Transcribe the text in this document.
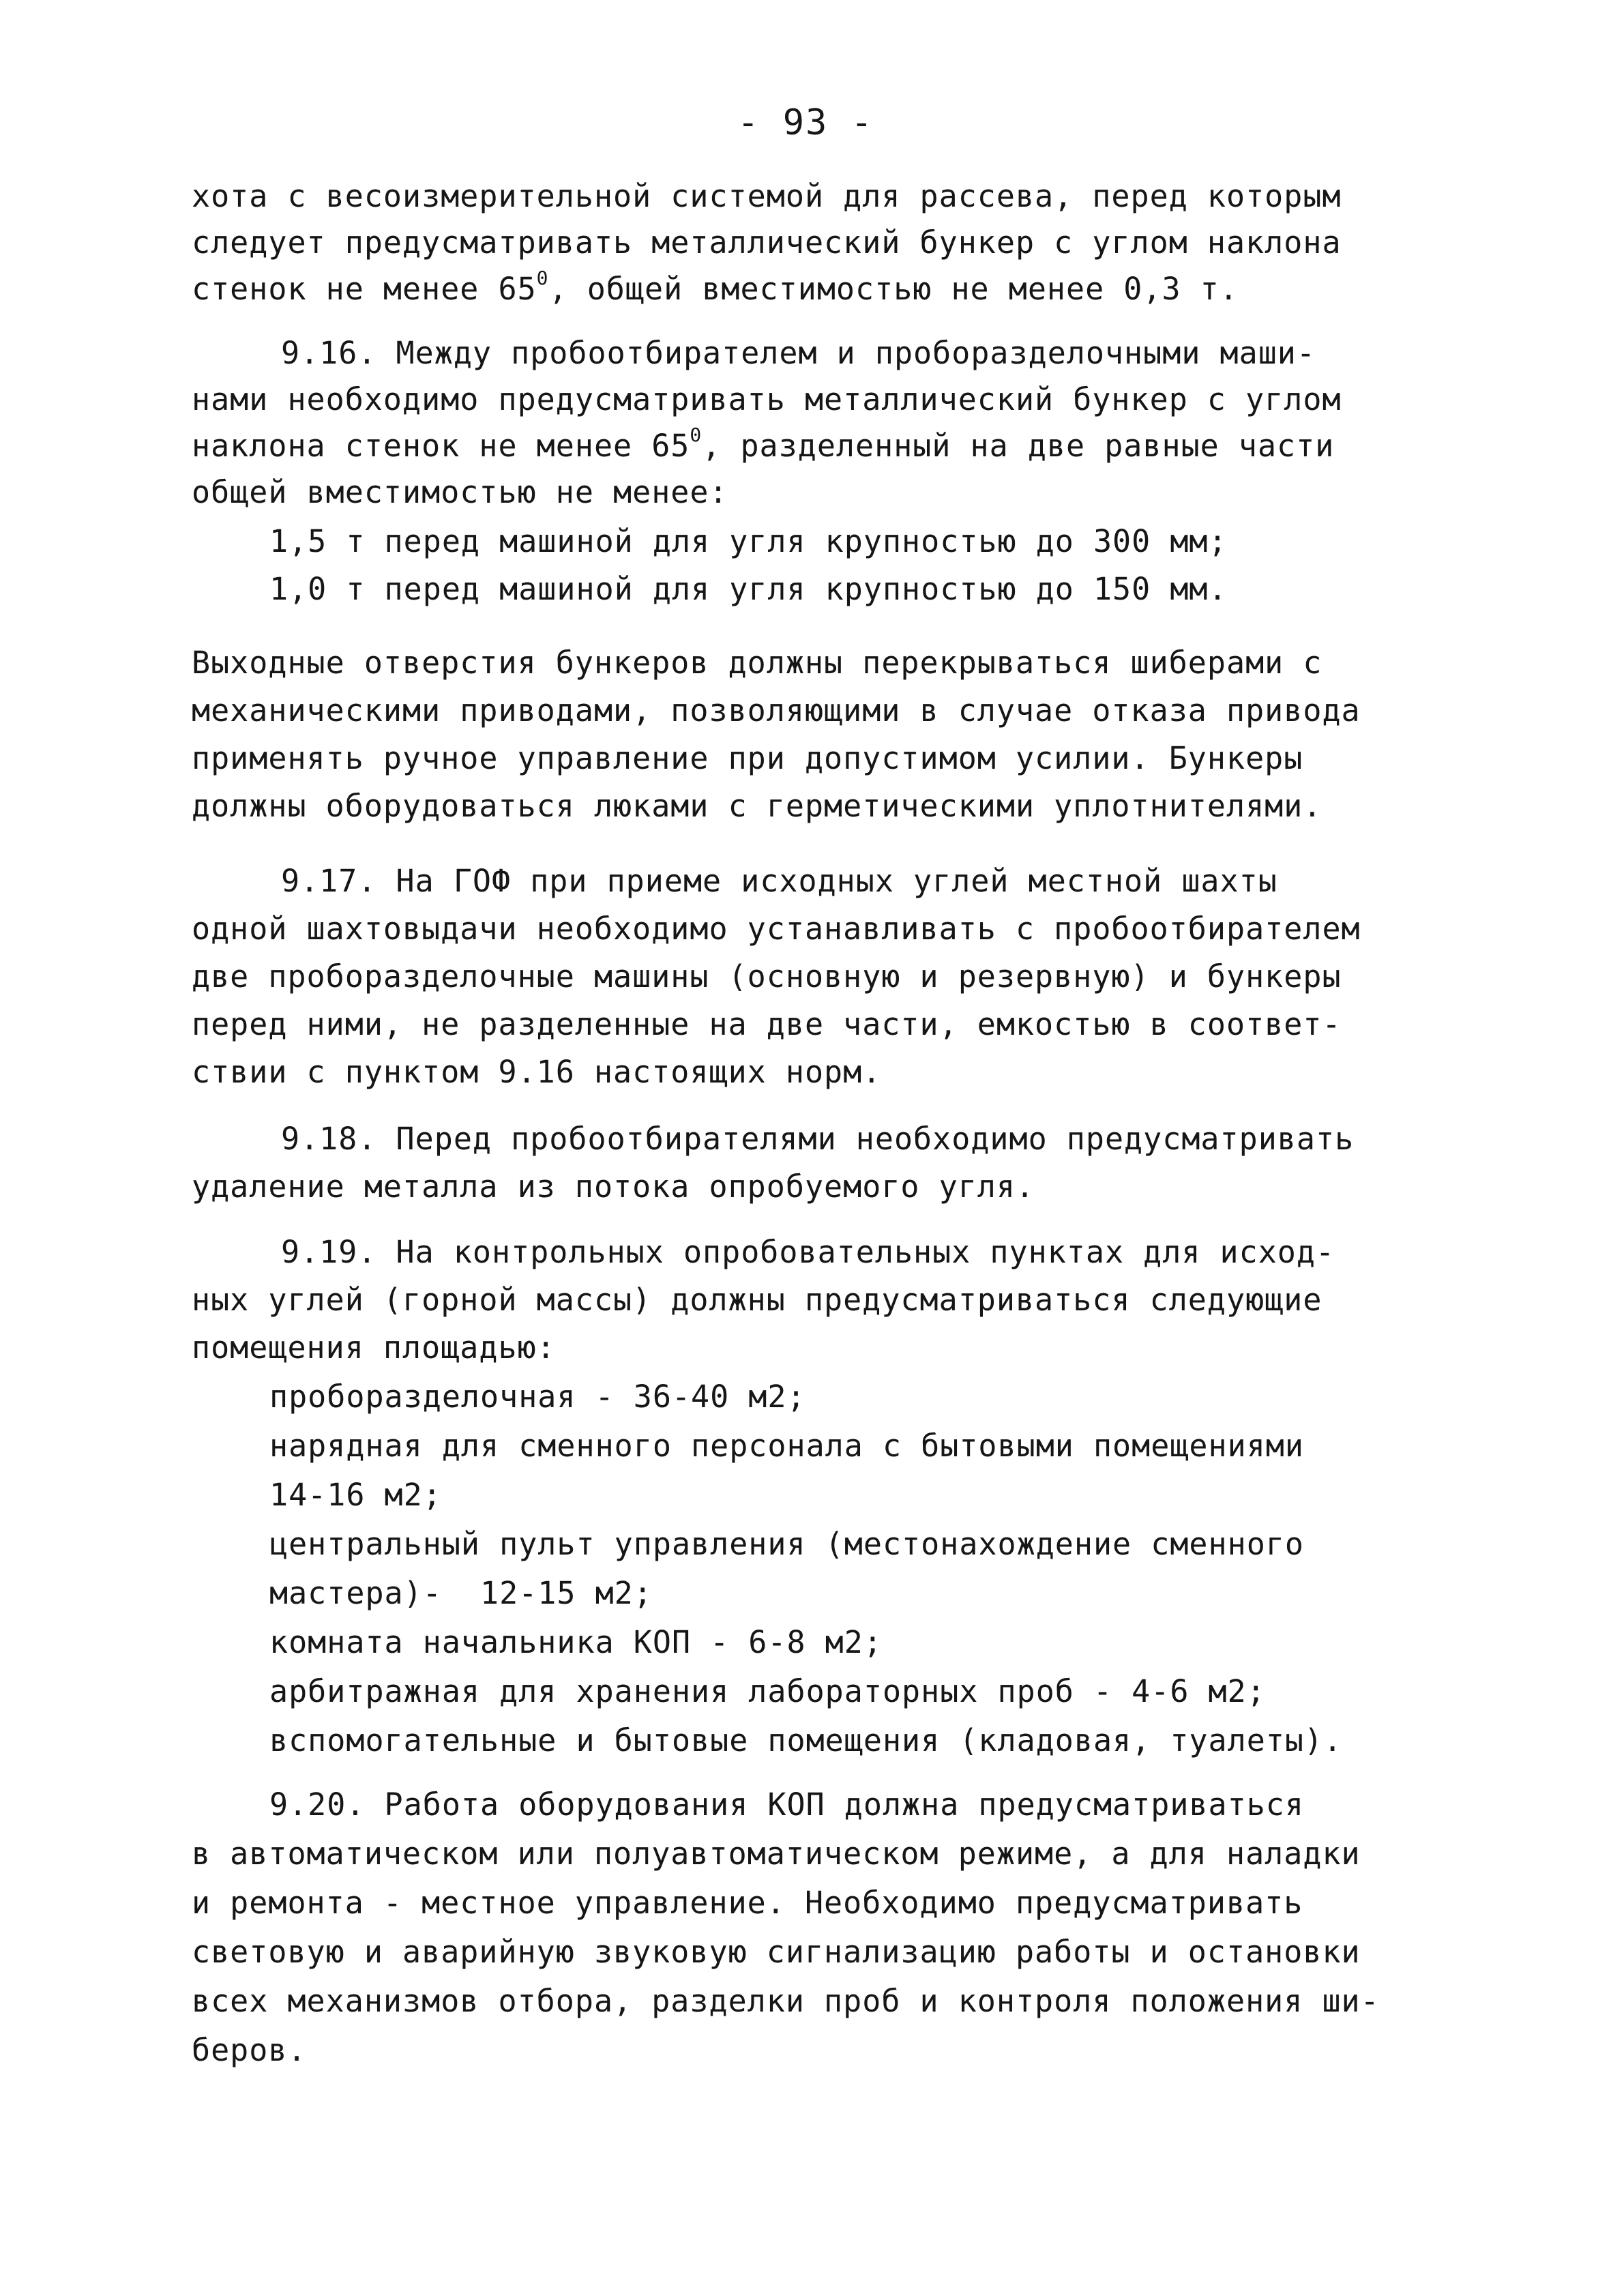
- 93 -
хота с весоизмерительной системой для рассева, перед которым
следует предусматривать металлический бункер с углом наклона
стенок не менее $65^0$, общей вместимостью не менее 0,3 т.
9.16. Между пробоотбирателем и проборазделочными маши-
нами необходимо предусматривать металлический бункер с углом
наклона стенок не менее $65^0$, разделенный на две равные части
общей вместимостью не менее:
1,5 т перед машиной для угля крупностью до 300 мм;
1,0 т перед машиной для угля крупностью до 150 мм.
Выходные отверстия бункеров должны перекрываться шиберами с
механическими приводами, позволяющими в случае отказа привода
применять ручное управление при допустимом усилии. Бункеры
должны оборудоваться люками с герметическими уплотнителями.
9.17. На ГОФ при приеме исходных углей местной шахты
одной шахтовыдачи необходимо устанавливать с пробоотбирателем
две проборазделочные машины (основную и резервную) и бункеры
перед ними, не разделенные на две части, емкостью в соответ-
ствии с пунктом 9.16 настоящих норм.
9.18. Перед пробоотбирателями необходимо предусматривать
удаление металла из потока опробуемого угля.
9.19. На контрольных опробовательных пунктах для исход-
ных углей (горной массы) должны предусматриваться следующие
помещения площадью:
проборазделочная - 36-40 м2;
нарядная для сменного персонала с бытовыми помещениями
14-16 м2;
центральный пульт управления (местонахождение сменного
мастера)-  12-15 м2;
комната начальника КОП - 6-8 м2;
арбитражная для хранения лабораторных проб - 4-6 м2;
вспомогательные и бытовые помещения (кладовая, туалеты).
9.20. Работа оборудования КОП должна предусматриваться
в автоматическом или полуавтоматическом режиме, а для наладки
и ремонта - местное управление. Необходимо предусматривать
световую и аварийную звуковую сигнализацию работы и остановки
всех механизмов отбора, разделки проб и контроля положения ши-
беров.
